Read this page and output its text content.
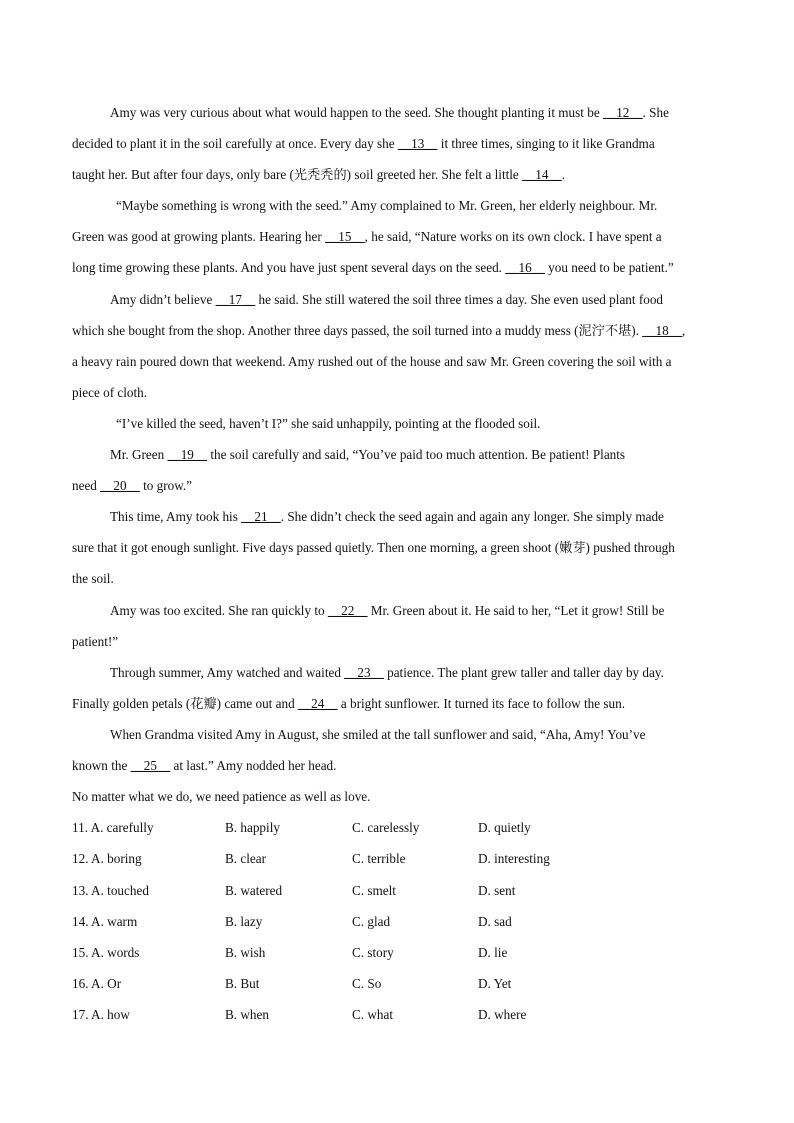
Amy was very curious about what would happen to the seed. She thought planting it must be __12__. She
decided to plant it in the soil carefully at once. Every day she __13__ it three times, singing to it like Grandma
taught her. But after four days, only bare (光秃秃的) soil greeted her. She felt a little __14__.
“Maybe something is wrong with the seed.” Amy complained to Mr. Green, her elderly neighbour. Mr.
Green was good at growing plants. Hearing her __15__, he said, “Nature works on its own clock. I have spent a
long time growing these plants. And you have just spent several days on the seed. __16__ you need to be patient.”
Amy didn’t believe __17__ he said. She still watered the soil three times a day. She even used plant food
which she bought from the shop. Another three days passed, the soil turned into a muddy mess (泥泞不堪). __18__,
a heavy rain poured down that weekend. Amy rushed out of the house and saw Mr. Green covering the soil with a
piece of cloth.
“I’ve killed the seed, haven’t I?” she said unhappily, pointing at the flooded soil.
Mr. Green __19__ the soil carefully and said, “You’ve paid too much attention. Be patient! Plants
need __20__ to grow.”
This time, Amy took his __21__. She didn’t check the seed again and again any longer. She simply made
sure that it got enough sunlight. Five days passed quietly. Then one morning, a green shoot (嫩芽) pushed through
the soil.
Amy was too excited. She ran quickly to __22__ Mr. Green about it. He said to her, “Let it grow! Still be
patient!”
Through summer, Amy watched and waited __23__ patience. The plant grew taller and taller day by day.
Finally golden petals (花瓣) came out and __24__ a bright sunflower. It turned its face to follow the sun.
When Grandma visited Amy in August, she smiled at the tall sunflower and said, “Aha, Amy! You’ve
known the __25__ at last.” Amy nodded her head.
No matter what we do, we need patience as well as love.
11. A. carefully	B. happily	C. carelessly	D. quietly
12. A. boring	B. clear	C. terrible	D. interesting
13. A. touched	B. watered	C. smelt	D. sent
14. A. warm	B. lazy	C. glad	D. sad
15. A. words	B. wish	C. story	D. lie
16. A. Or	B. But	C. So	D. Yet
17. A. how	B. when	C. what	D. where
